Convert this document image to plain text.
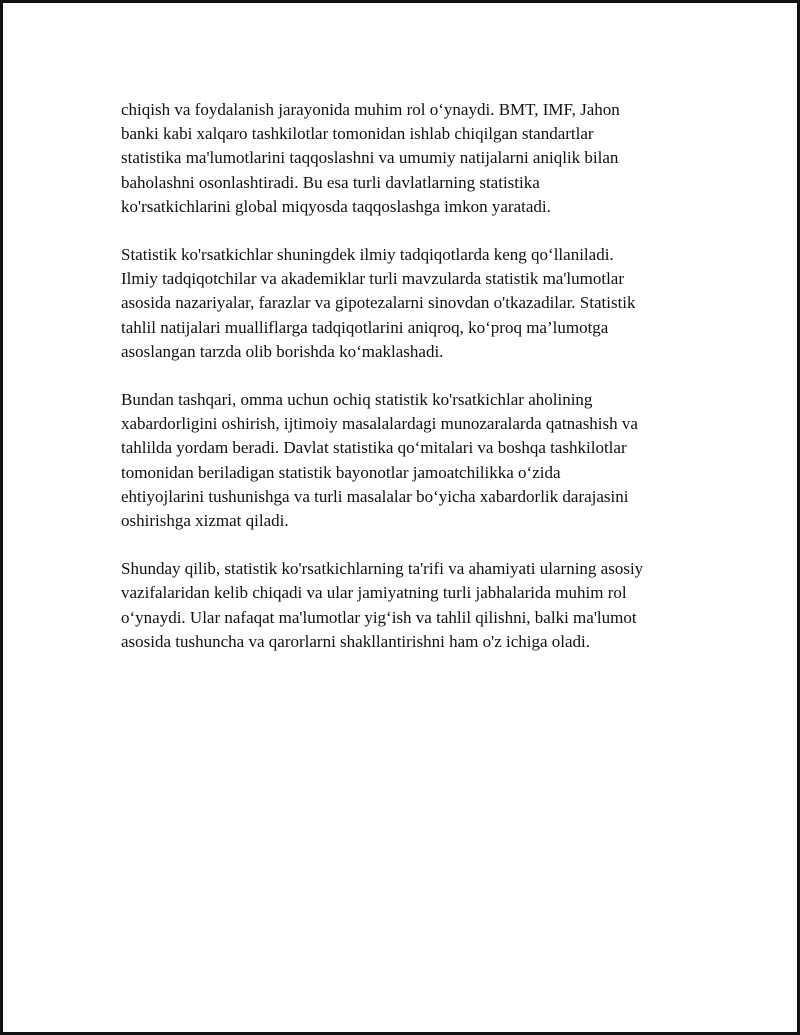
chiqish va foydalanish jarayonida muhim rol o‘ynaydi. BMT, IMF, Jahon
banki kabi xalqaro tashkilotlar tomonidan ishlab chiqilgan standartlar
statistika ma'lumotlarini taqqoslashni va umumiy natijalarni aniqlik bilan
baholashni osonlashtiradi. Bu esa turli davlatlarning statistika
ko'rsatkichlarini global miqyosda taqqoslashga imkon yaratadi.

Statistik ko'rsatkichlar shuningdek ilmiy tadqiqotlarda keng qo‘llaniladi.
Ilmiy tadqiqotchilar va akademiklar turli mavzularda statistik ma'lumotlar
asosida nazariyalar, farazlar va gipotezalarni sinovdan o'tkazadilar. Statistik
tahlil natijalari mualliflarga tadqiqotlarini aniqroq, ko‘proq ma’lumotga
asoslangan tarzda olib borishda ko‘maklashadi.

Bundan tashqari, omma uchun ochiq statistik ko'rsatkichlar aholining
xabardorligini oshirish, ijtimoiy masalalardagi munozaralarda qatnashish va
tahlilda yordam beradi. Davlat statistika qo‘mitalari va boshqa tashkilotlar
tomonidan beriladigan statistik bayonotlar jamoatchilikka o‘zida
ehtiyojlarini tushunishga va turli masalalar bo‘yicha xabardorlik darajasini
oshirishga xizmat qiladi.

Shunday qilib, statistik ko'rsatkichlarning ta'rifi va ahamiyati ularning asosiy
vazifalaridan kelib chiqadi va ular jamiyatning turli jabhalarida muhim rol
o‘ynaydi. Ular nafaqat ma'lumotlar yig‘ish va tahlil qilishni, balki ma'lumot
asosida tushuncha va qarorlarni shakllantirishni ham o'z ichiga oladi.
